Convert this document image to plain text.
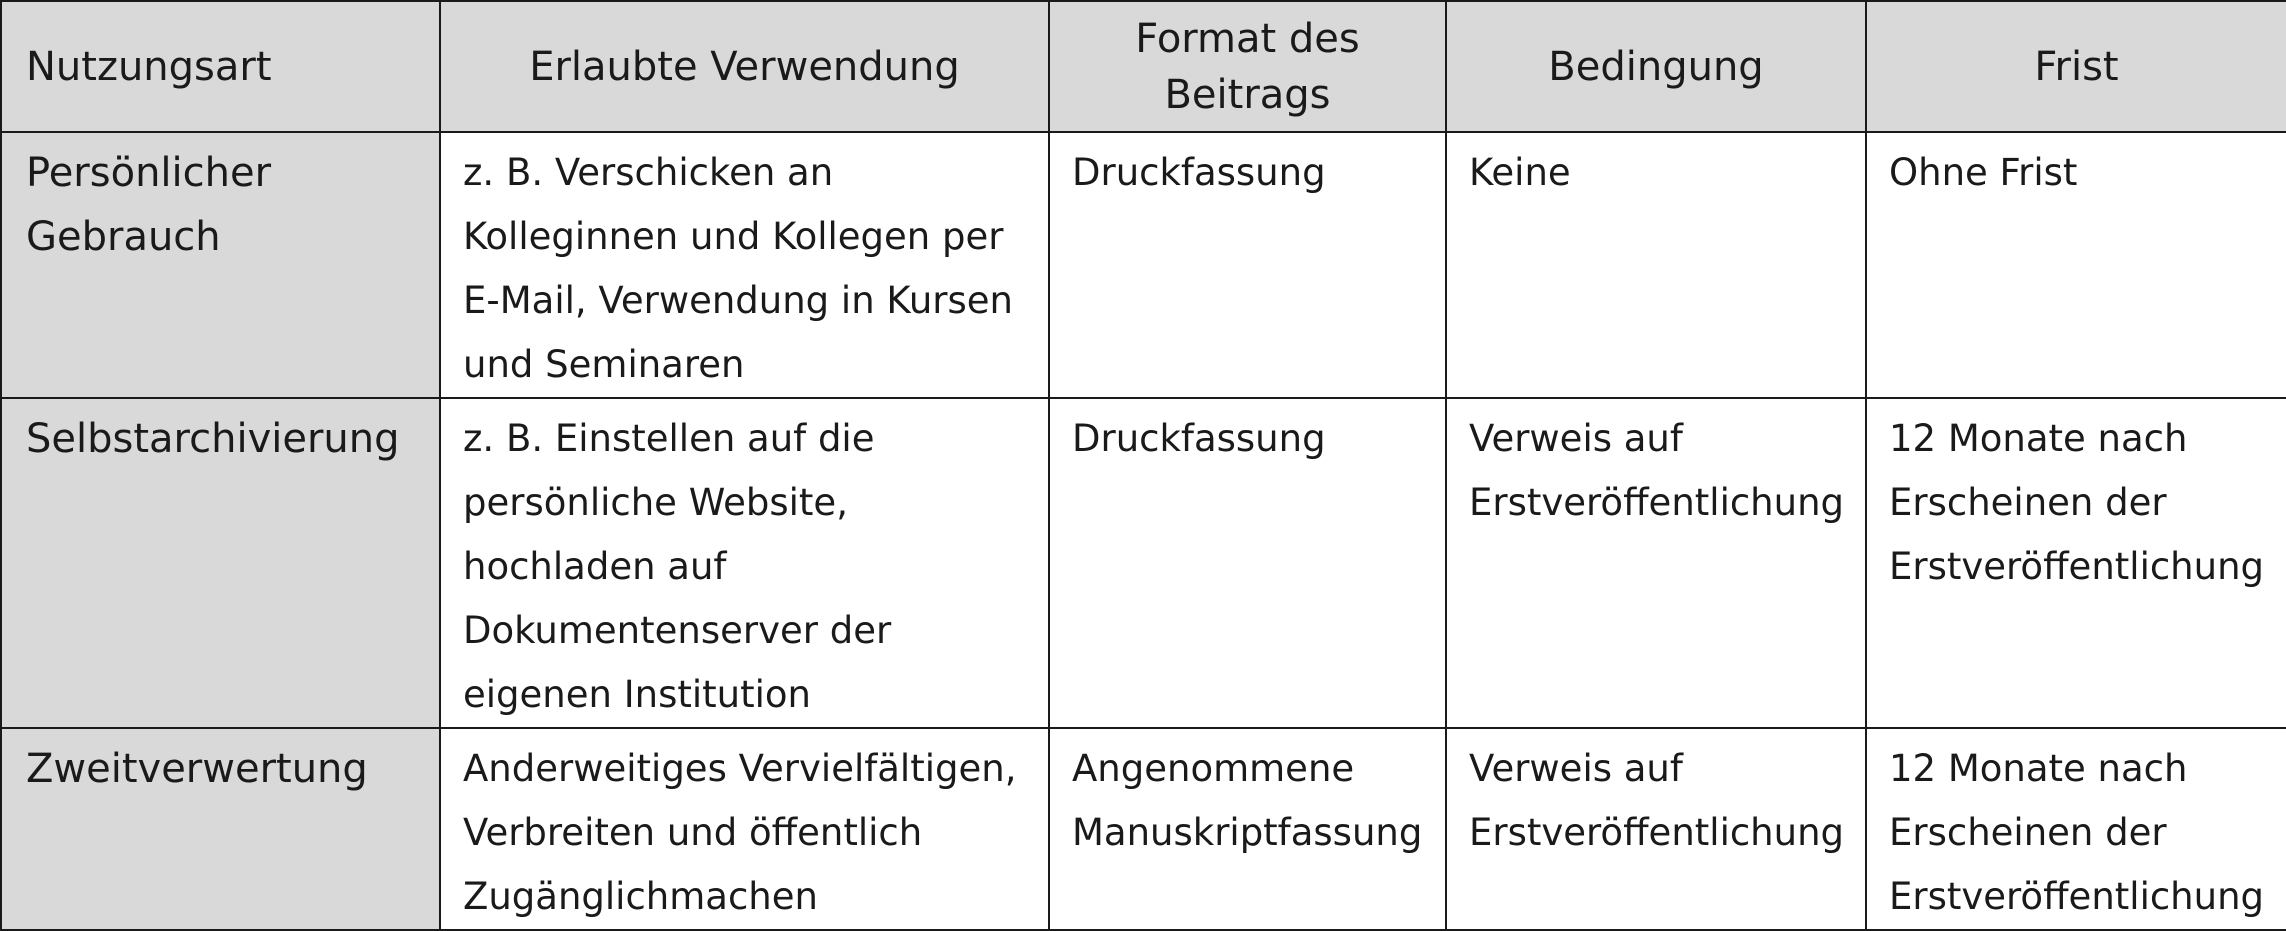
Nutzungsart	Erlaubte Verwendung	Format des Beitrags	Bedingung	Frist
Persönlicher Gebrauch	z. B. Verschicken an Kolleginnen und Kollegen per E-Mail, Verwendung in Kursen und Seminaren	Druckfassung	Keine	Ohne Frist
Selbstarchivierung	z. B. Einstellen auf die persönliche Website, hochladen auf Dokumentenserver der eigenen Institution	Druckfassung	Verweis auf Erstveröffentlichung	12 Monate nach Erscheinen der Erstveröffentlichung
Zweitverwertung	Anderweitiges Vervielfältigen, Verbreiten und öffentlich Zugänglichmachen	Angenommene Manuskriptfassung	Verweis auf Erstveröffentlichung	12 Monate nach Erscheinen der Erstveröffentlichung
